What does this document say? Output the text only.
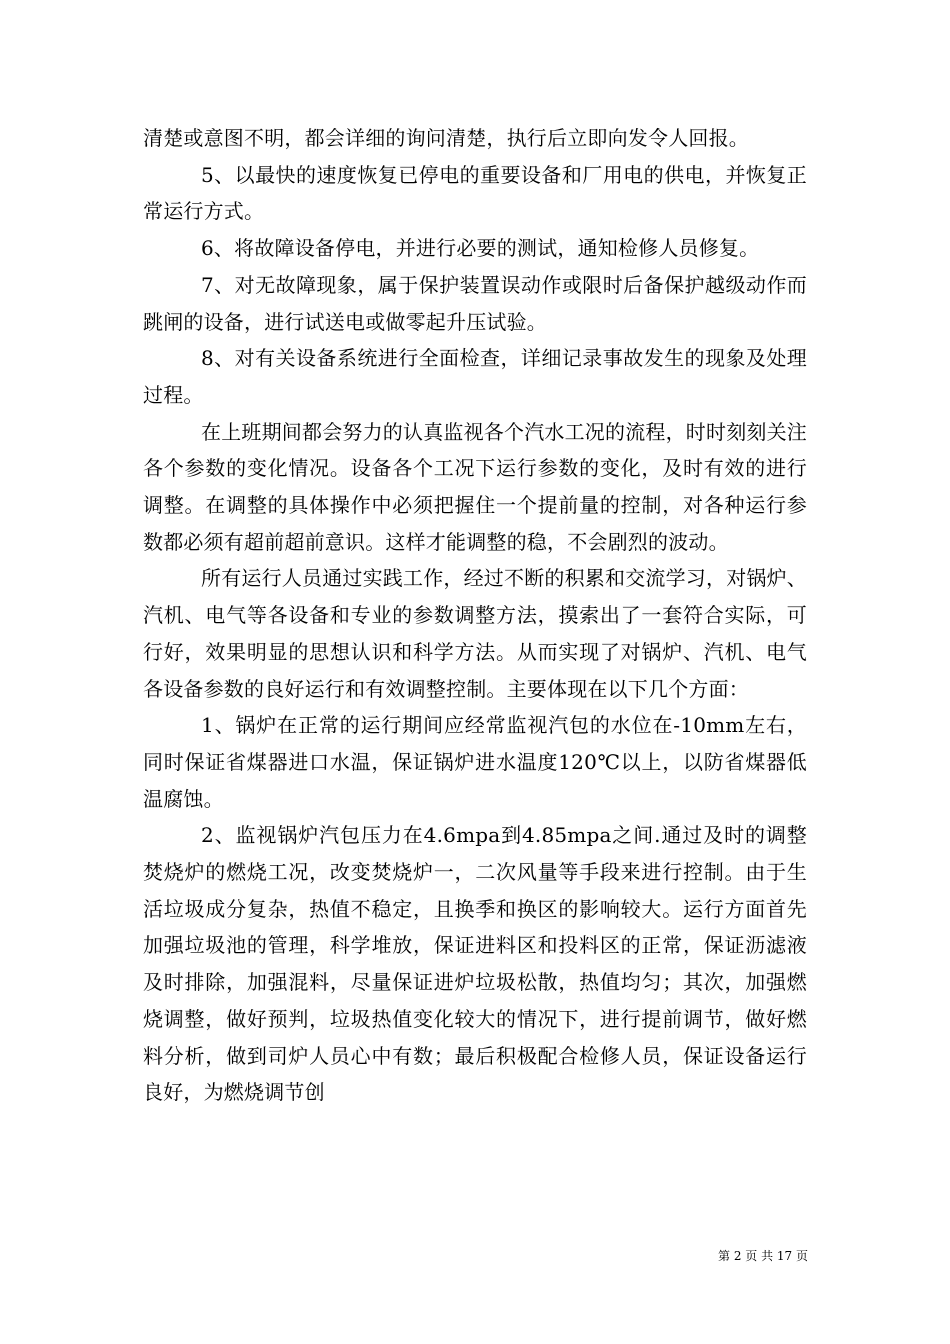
清楚或意图不明，都会详细的询问清楚，执行后立即向发令人回报。

5、以最快的速度恢复已停电的重要设备和厂用电的供电，并恢复正常运行方式。

6、将故障设备停电，并进行必要的测试，通知检修人员修复。

7、对无故障现象，属于保护装置误动作或限时后备保护越级动作而跳闸的设备，进行试送电或做零起升压试验。

8、对有关设备系统进行全面检查，详细记录事故发生的现象及处理过程。

在上班期间都会努力的认真监视各个汽水工况的流程，时时刻刻关注各个参数的变化情况。设备各个工况下运行参数的变化，及时有效的进行调整。在调整的具体操作中必须把握住一个提前量的控制，对各种运行参数都必须有超前超前意识。这样才能调整的稳，不会剧烈的波动。

所有运行人员通过实践工作，经过不断的积累和交流学习，对锅炉、汽机、电气等各设备和专业的参数调整方法，摸索出了一套符合实际，可行好，效果明显的思想认识和科学方法。从而实现了对锅炉、汽机、电气各设备参数的良好运行和有效调整控制。主要体现在以下几个方面：

1、锅炉在正常的运行期间应经常监视汽包的水位在-10mm左右，同时保证省煤器进口水温，保证锅炉进水温度120℃以上，以防省煤器低温腐蚀。

2、监视锅炉汽包压力在4.6mpa到4.85mpa之间.通过及时的调整焚烧炉的燃烧工况，改变焚烧炉一，二次风量等手段来进行控制。由于生活垃圾成分复杂，热值不稳定，且换季和换区的影响较大。运行方面首先加强垃圾池的管理，科学堆放，保证进料区和投料区的正常，保证沥滤液及时排除，加强混料，尽量保证进炉垃圾松散，热值均匀；其次，加强燃烧调整，做好预判，垃圾热值变化较大的情况下，进行提前调节，做好燃料分析，做到司炉人员心中有数；最后积极配合检修人员，保证设备运行良好，为燃烧调节创

第 2 页 共 17 页
